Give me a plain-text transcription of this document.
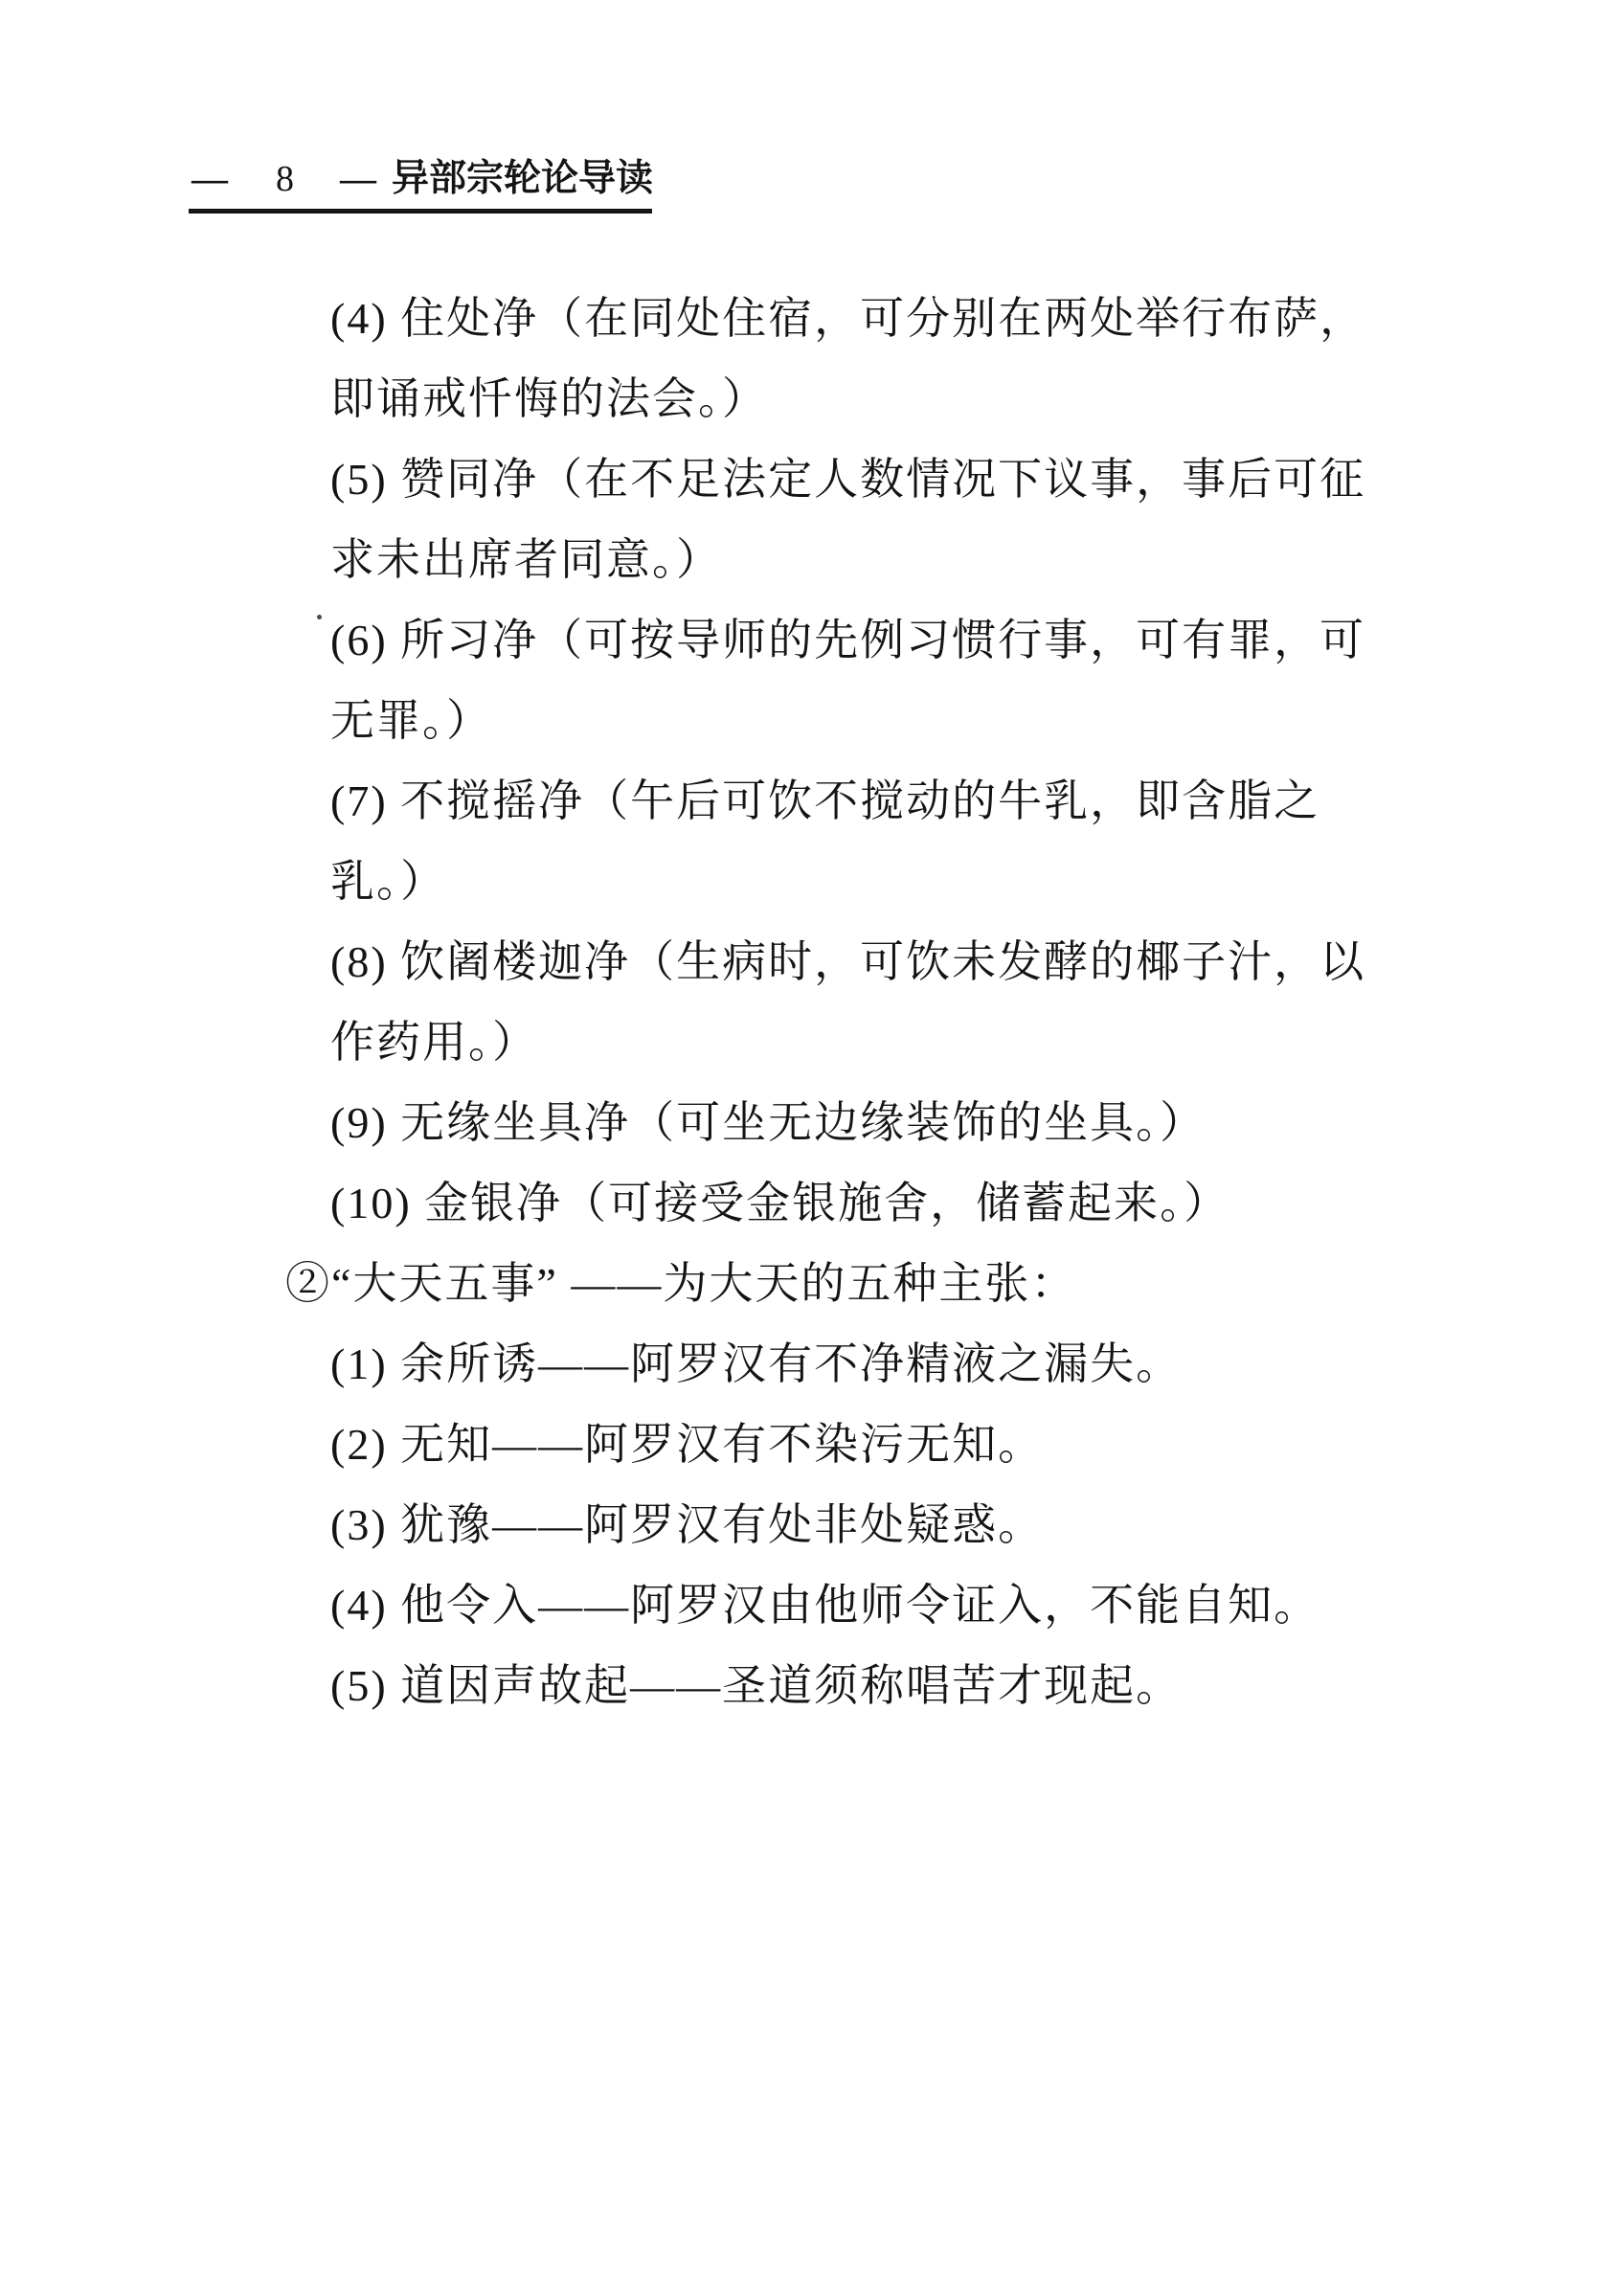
— 8 — 异部宗轮论导读
(4) 住处净（在同处住宿，可分别在两处举行布萨，
即诵戒忏悔的法会。）
(5) 赞同净（在不足法定人数情况下议事，事后可征
求未出席者同意。）
(6) 所习净（可按导师的先例习惯行事，可有罪，可
无罪。）
(7) 不搅摇净（午后可饮不搅动的牛乳，即含脂之
乳。）
(8) 饮阇楼迦净（生病时，可饮未发酵的椰子汁，以
作药用。）
(9) 无缘坐具净（可坐无边缘装饰的坐具。）
(10) 金银净（可接受金银施舍，储蓄起来。）
②“大天五事” ——为大天的五种主张：
(1) 余所诱——阿罗汉有不净精液之漏失。
(2) 无知——阿罗汉有不染污无知。
(3) 犹豫——阿罗汉有处非处疑惑。
(4) 他令入——阿罗汉由他师令证入，不能自知。
(5) 道因声故起——圣道须称唱苦才现起。
